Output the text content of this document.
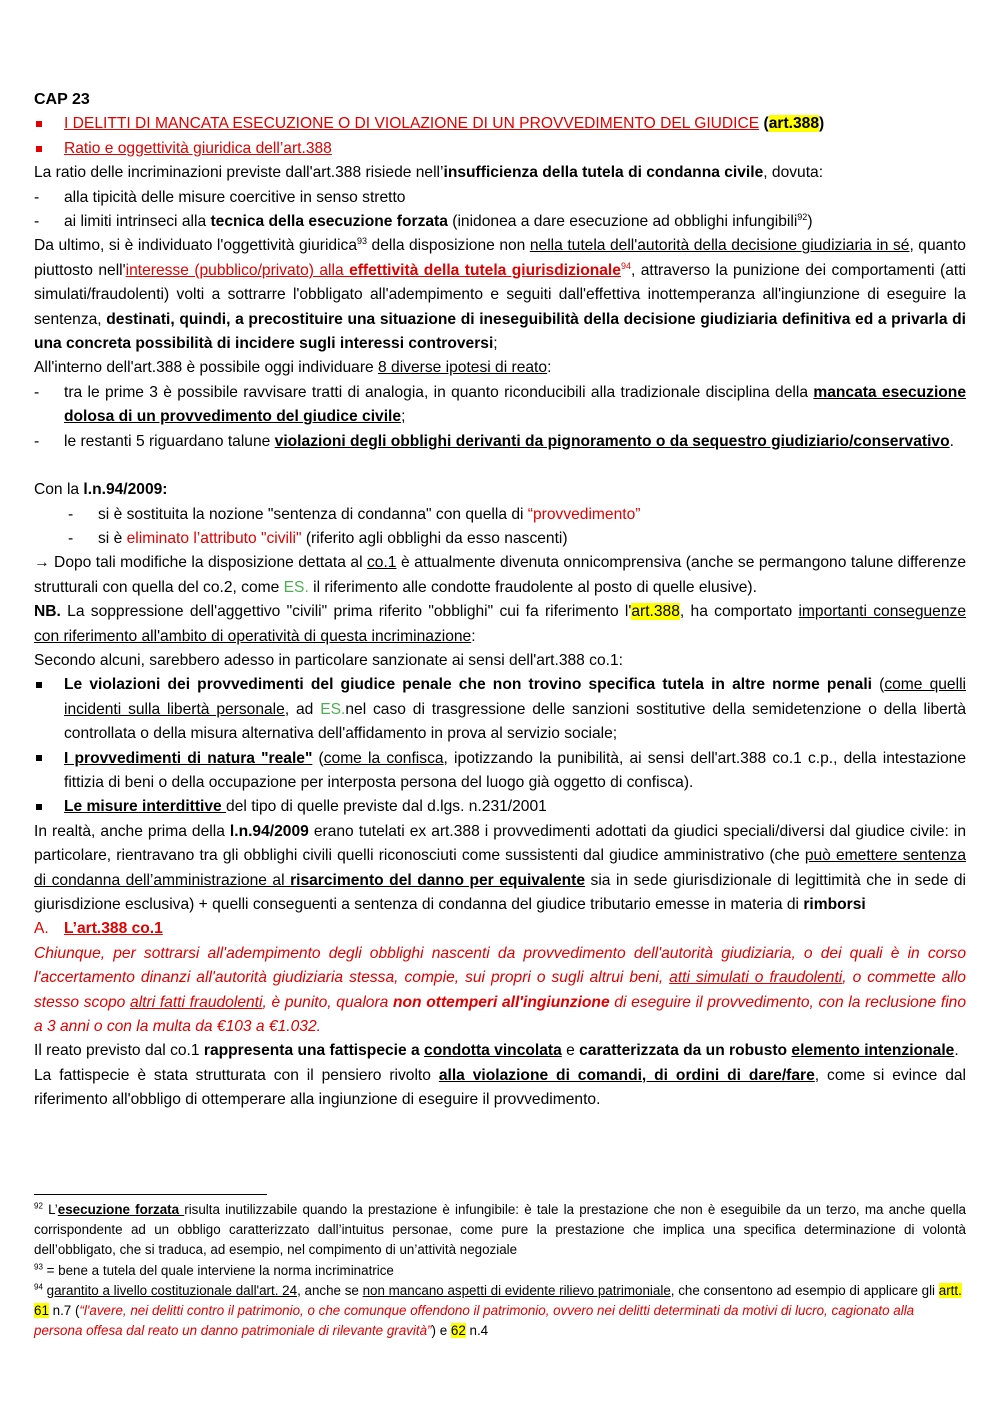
CAP 23

I DELITTI DI MANCATA ESECUZIONE O DI VIOLAZIONE DI UN PROVVEDIMENTO DEL GIUDICE (art.388)

Ratio e oggettività giuridica dell’art.388

La ratio delle incriminazioni previste dall'art.388 risiede nell’insufficienza della tutela di condanna civile, dovuta:

-	alla tipicità delle misure coercitive in senso stretto

-	ai limiti intrinseci alla tecnica della esecuzione forzata (inidonea a dare esecuzione ad obblighi infungibili$^{92}$)

Da ultimo, si è individuato l'oggettività giuridica$^{93}$ della disposizione non nella tutela dell'autorità della decisione giudiziaria in sé, quanto piuttosto nell'interesse (pubblico/privato) alla effettività della tutela giurisdizionale$^{94}$, attraverso la punizione dei comportamenti (atti simulati/fraudolenti) volti a sottrarre l'obbligato all'adempimento e seguiti dall'effettiva inottemperanza all'ingiunzione di eseguire la sentenza, destinati, quindi, a precostituire una situazione di ineseguibilità della decisione giudiziaria definitiva ed a privarla di una concreta possibilità di incidere sugli interessi controversi;

All'interno dell'art.388 è possibile oggi individuare 8 diverse ipotesi di reato:

-	tra le prime 3 è possibile ravvisare tratti di analogia, in quanto riconducibili alla tradizionale disciplina della mancata esecuzione dolosa di un provvedimento del giudice civile;

-	le restanti 5 riguardano talune violazioni degli obblighi derivanti da pignoramento o da sequestro giudiziario/conservativo.

Con la l.n.94/2009:

- si è sostituita la nozione "sentenza di condanna" con quella di “provvedimento”

- si è eliminato l’attributo "civili" (riferito agli obblighi da esso nascenti)

→ Dopo tali modifiche la disposizione dettata al co.1 è attualmente divenuta onnicomprensiva (anche se permangono talune differenze strutturali con quella del co.2, come ES. il riferimento alle condotte fraudolente al posto di quelle elusive).

NB. La soppressione dell'aggettivo "civili" prima riferito "obblighi" cui fa riferimento l'art.388, ha comportato importanti conseguenze con riferimento all'ambito di operatività di questa incriminazione:

Secondo alcuni, sarebbero adesso in particolare sanzionate ai sensi dell'art.388 co.1:

Le violazioni dei provvedimenti del giudice penale che non trovino specifica tutela in altre norme penali (come quelli incidenti sulla libertà personale, ad ES.nel caso di trasgressione delle sanzioni sostitutive della semidetenzione o della libertà controllata o della misura alternativa dell'affidamento in prova al servizio sociale;

I provvedimenti di natura "reale" (come la confisca, ipotizzando la punibilità, ai sensi dell'art.388 co.1 c.p., della intestazione fittizia di beni o della occupazione per interposta persona del luogo già oggetto di confisca).

Le misure interdittive del tipo di quelle previste dal d.lgs. n.231/2001

In realtà, anche prima della l.n.94/2009 erano tutelati ex art.388 i provvedimenti adottati da giudici speciali/diversi dal giudice civile: in particolare, rientravano tra gli obblighi civili quelli riconosciuti come sussistenti dal giudice amministrativo (che può emettere sentenza di condanna dell’amministrazione al risarcimento del danno per equivalente sia in sede giurisdizionale di legittimità che in sede di giurisdizione esclusiva) + quelli conseguenti a sentenza di condanna del giudice tributario emesse in materia di rimborsi

A. L’art.388 co.1

Chiunque, per sottrarsi all'adempimento degli obblighi nascenti da provvedimento dell'autorità giudiziaria, o dei quali è in corso l'accertamento dinanzi all'autorità giudiziaria stessa, compie, sui propri o sugli altrui beni, atti simulati o fraudolenti, o commette allo stesso scopo altri fatti fraudolenti, è punito, qualora non ottemperi all'ingiunzione di eseguire il provvedimento, con la reclusione fino a 3 anni o con la multa da €103 a €1.032.

Il reato previsto dal co.1 rappresenta una fattispecie a condotta vincolata e caratterizzata da un robusto elemento intenzionale.

La fattispecie è stata strutturata con il pensiero rivolto alla violazione di comandi, di ordini di dare/fare, come si evince dal riferimento all'obbligo di ottemperare alla ingiunzione di eseguire il provvedimento.

$^{92}$ L’esecuzione forzata risulta inutilizzabile quando la prestazione è infungibile: è tale la prestazione che non è eseguibile da un terzo, ma anche quella corrispondente ad un obbligo caratterizzato dall’intuitus personae, come pure la prestazione che implica una specifica determinazione di volontà dell’obbligato, che si traduca, ad esempio, nel compimento di un’attività negoziale

$^{93}$ = bene a tutela del quale interviene la norma incriminatrice

$^{94}$ garantito a livello costituzionale dall'art. 24, anche se non mancano aspetti di evidente rilievo patrimoniale, che consentono ad esempio di applicare gli artt. 61 n.7 (“l'avere, nei delitti contro il patrimonio, o che comunque offendono il patrimonio, ovvero nei delitti determinati da motivi di lucro, cagionato alla persona offesa dal reato un danno patrimoniale di rilevante gravità”) e 62 n.4
